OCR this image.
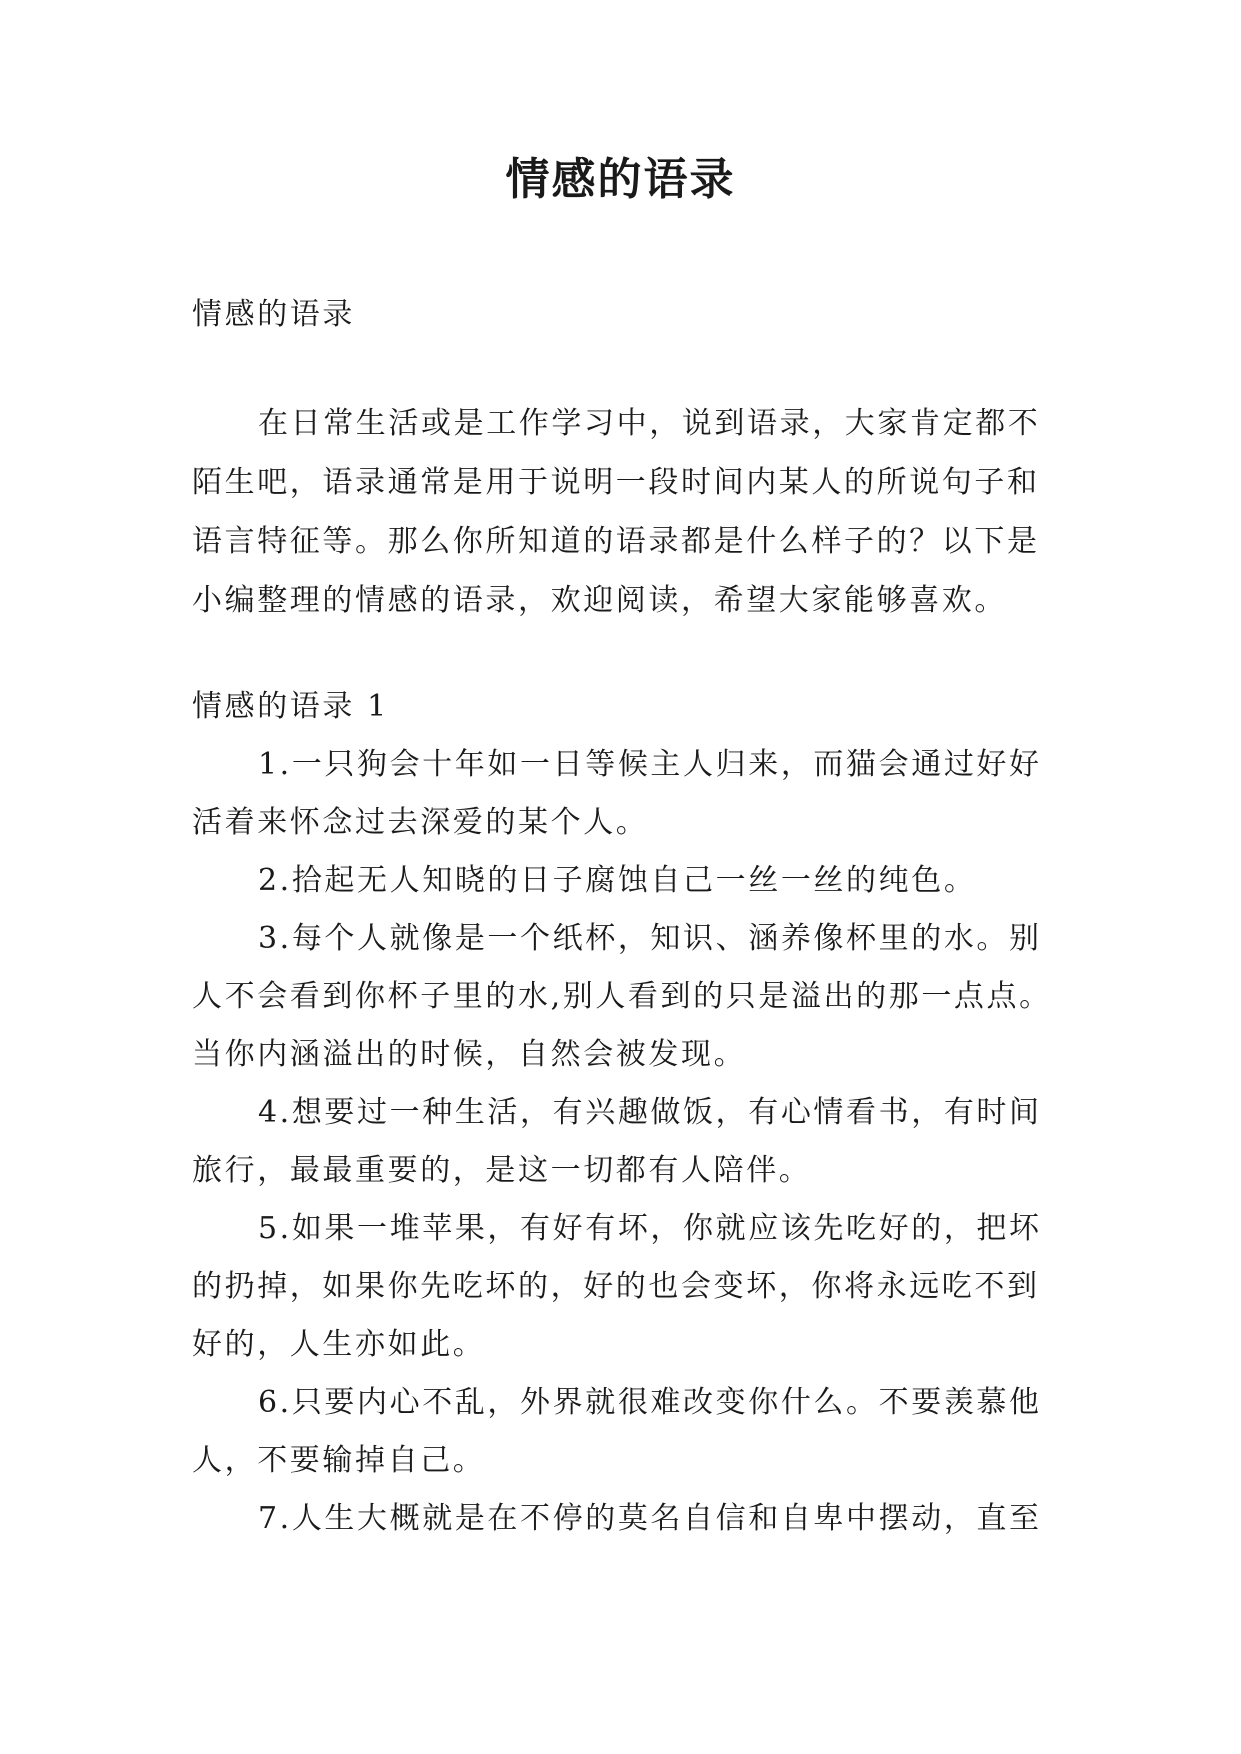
情感的语录

情感的语录

在日常生活或是工作学习中，说到语录，大家肯定都不陌生吧，语录通常是用于说明一段时间内某人的所说句子和语言特征等。那么你所知道的语录都是什么样子的？以下是小编整理的情感的语录，欢迎阅读，希望大家能够喜欢。

情感的语录 1

1.一只狗会十年如一日等候主人归来，而猫会通过好好活着来怀念过去深爱的某个人。

2.拾起无人知晓的日子腐蚀自己一丝一丝的纯色。

3.每个人就像是一个纸杯，知识、涵养像杯里的水。别人不会看到你杯子里的水,别人看到的只是溢出的那一点点。当你内涵溢出的时候，自然会被发现。

4.想要过一种生活，有兴趣做饭，有心情看书，有时间旅行，最最重要的，是这一切都有人陪伴。

5.如果一堆苹果，有好有坏，你就应该先吃好的，把坏的扔掉，如果你先吃坏的，好的也会变坏，你将永远吃不到好的，人生亦如此。

6.只要内心不乱，外界就很难改变你什么。不要羡慕他人，不要输掉自己。

7.人生大概就是在不停的莫名自信和自卑中摆动，直至
